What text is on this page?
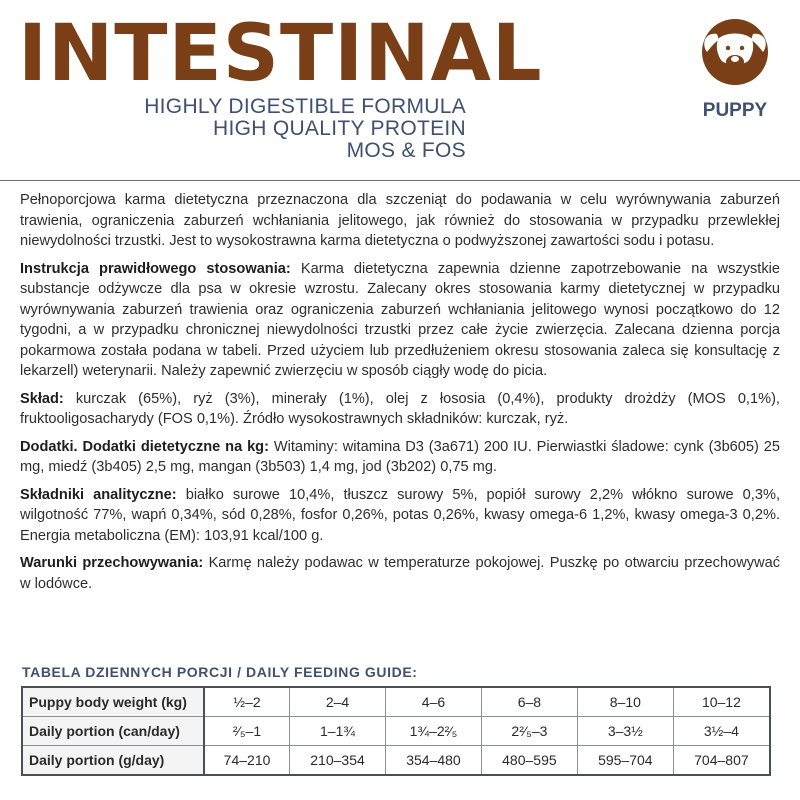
INTESTINAL
HIGHLY DIGESTIBLE FORMULA
HIGH QUALITY PROTEIN
MOS & FOS
PUPPY

Pełnoporcjowa karma dietetyczna przeznaczona dla szczeniąt do podawania w celu wyrównywania zaburzeń trawienia, ograniczenia zaburzeń wchłaniania jelitowego, jak również do stosowania w przypadku przewlekłej niewydolności trzustki. Jest to wysokostrawna karma dietetyczna o podwyższonej zawartości sodu i potasu.

Instrukcja prawidłowego stosowania: Karma dietetyczna zapewnia dzienne zapotrzebowanie na wszystkie substancje odżywcze dla psa w okresie wzrostu. Zalecany okres stosowania karmy dietetycznej w przypadku wyrównywania zaburzeń trawienia oraz ograniczenia zaburzeń wchłaniania jelitowego wynosi początkowo do 12 tygodni, a w przypadku chronicznej niewydolności trzustki przez całe życie zwierzęcia. Zalecana dzienna porcja pokarmowa została podana w tabeli. Przed użyciem lub przedłużeniem okresu stosowania zaleca się konsultację z lekarzell) weterynarii. Należy zapewnić zwierzęciu w sposób ciągły wodę do picia.

Skład: kurczak (65%), ryż (3%), minerały (1%), olej z łososia (0,4%), produkty drożdży (MOS 0,1%), fruktooligosacharydy (FOS 0,1%). Źródło wysokostrawnych składników: kurczak, ryż.

Dodatki. Dodatki dietetyczne na kg: Witaminy: witamina D3 (3a671) 200 IU. Pierwiastki śladowe: cynk (3b605) 25 mg, miedź (3b405) 2,5 mg, mangan (3b503) 1,4 mg, jod (3b202) 0,75 mg.

Składniki analityczne: białko surowe 10,4%, tłuszcz surowy 5%, popiół surowy 2,2% włókno surowe 0,3%, wilgotność 77%, wapń 0,34%, sód 0,28%, fosfor 0,26%, potas 0,26%, kwasy omega-6 1,2%, kwasy omega-3 0,2%. Energia metaboliczna (EM): 103,91 kcal/100 g.

Warunki przechowywania: Karmę należy podawac w temperaturze pokojowej. Puszkę po otwarciu przechowywać w lodówce.

TABELA DZIENNYCH PORCJI / DAILY FEEDING GUIDE:
Puppy body weight (kg)	½–2	2–4	4–6	6–8	8–10	10–12
Daily portion (can/day)	²⁄₅–1	1–1¾	1¾–2²⁄₅	2²⁄₅–3	3–3½	3½–4
Daily portion (g/day)	74–210	210–354	354–480	480–595	595–704	704–807
